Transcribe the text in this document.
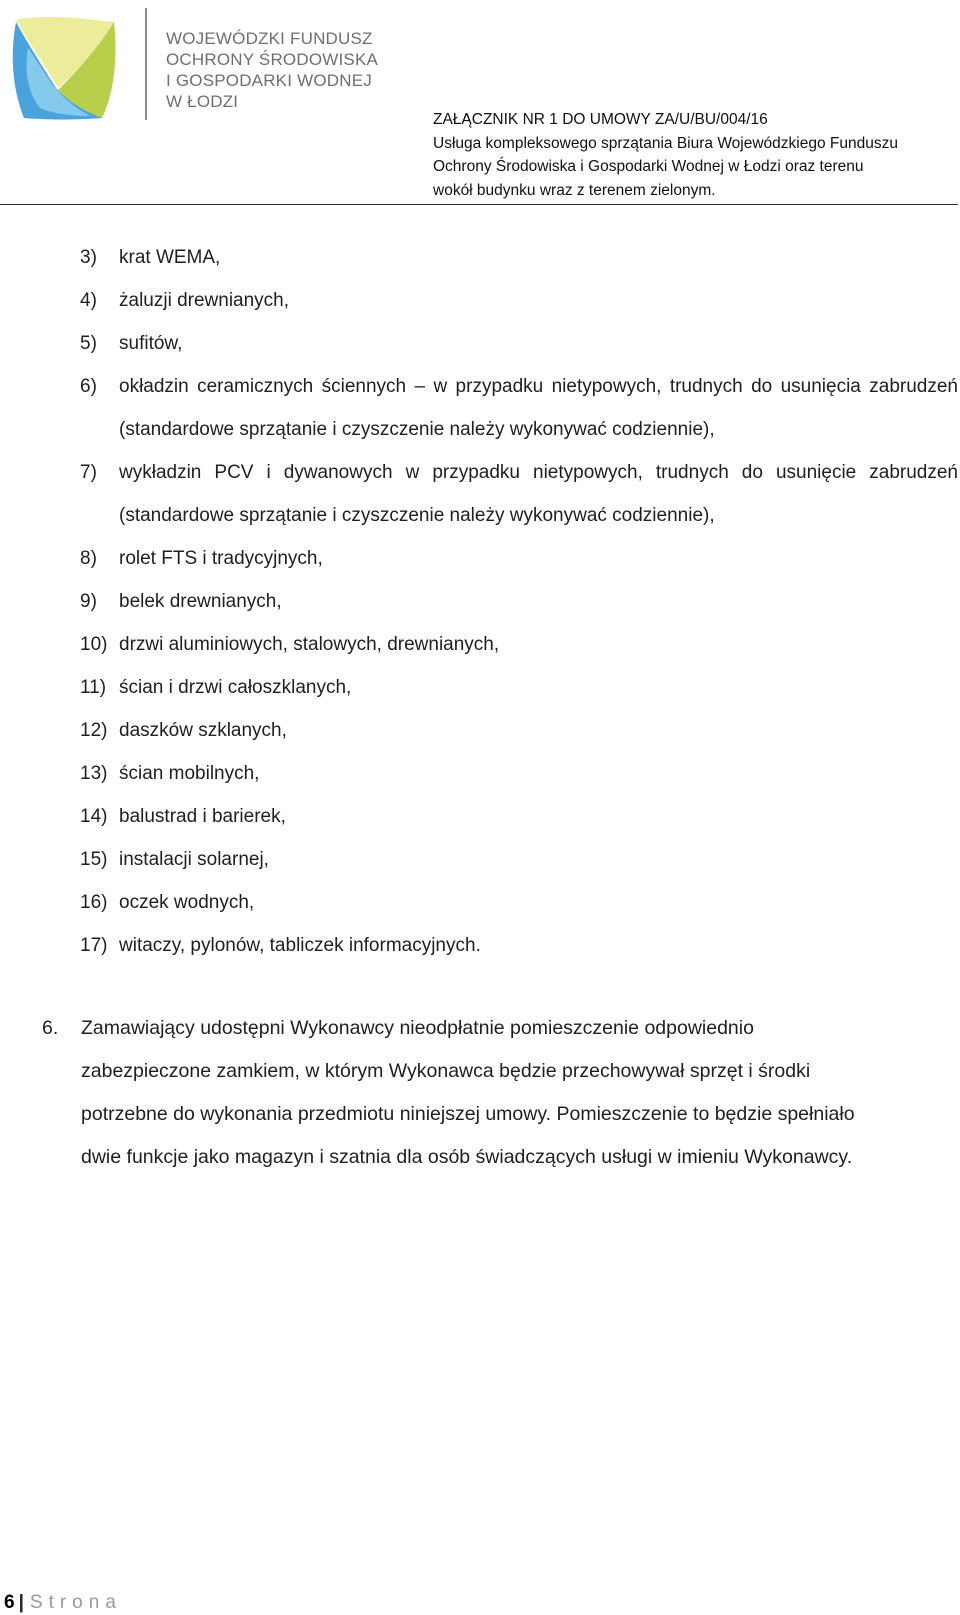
WOJEWÓDZKI FUNDUSZ
OCHRONY ŚRODOWISKA
I GOSPODARKI WODNEJ
W ŁODZI
ZAŁĄCZNIK NR 1 DO UMOWY ZA/U/BU/004/16
Usługa kompleksowego sprzątania Biura Wojewódzkiego Funduszu
Ochrony Środowiska i Gospodarki Wodnej w Łodzi oraz terenu
wokół budynku wraz z terenem zielonym.
3) krat WEMA,
4) żaluzji drewnianych,
5) sufitów,
6) okładzin ceramicznych ściennych – w przypadku nietypowych, trudnych do usunięcia zabrudzeń (standardowe sprzątanie i czyszczenie należy wykonywać codziennie),
7) wykładzin PCV i dywanowych w przypadku nietypowych, trudnych do usunięcie zabrudzeń (standardowe sprzątanie i czyszczenie należy wykonywać codziennie),
8) rolet FTS i tradycyjnych,
9) belek drewnianych,
10) drzwi aluminiowych, stalowych, drewnianych,
11) ścian i drzwi całoszklanych,
12) daszków szklanych,
13) ścian mobilnych,
14) balustrad i barierek,
15) instalacji solarnej,
16) oczek wodnych,
17) witaczy, pylonów, tabliczek informacyjnych.
6. Zamawiający udostępni Wykonawcy nieodpłatnie pomieszczenie odpowiednio
zabezpieczone zamkiem, w którym Wykonawca będzie przechowywał sprzęt i środki
potrzebne do wykonania przedmiotu niniejszej umowy. Pomieszczenie to będzie spełniało
dwie funkcje jako magazyn i szatnia dla osób świadczących usługi w imieniu Wykonawcy.
6 | Strona
